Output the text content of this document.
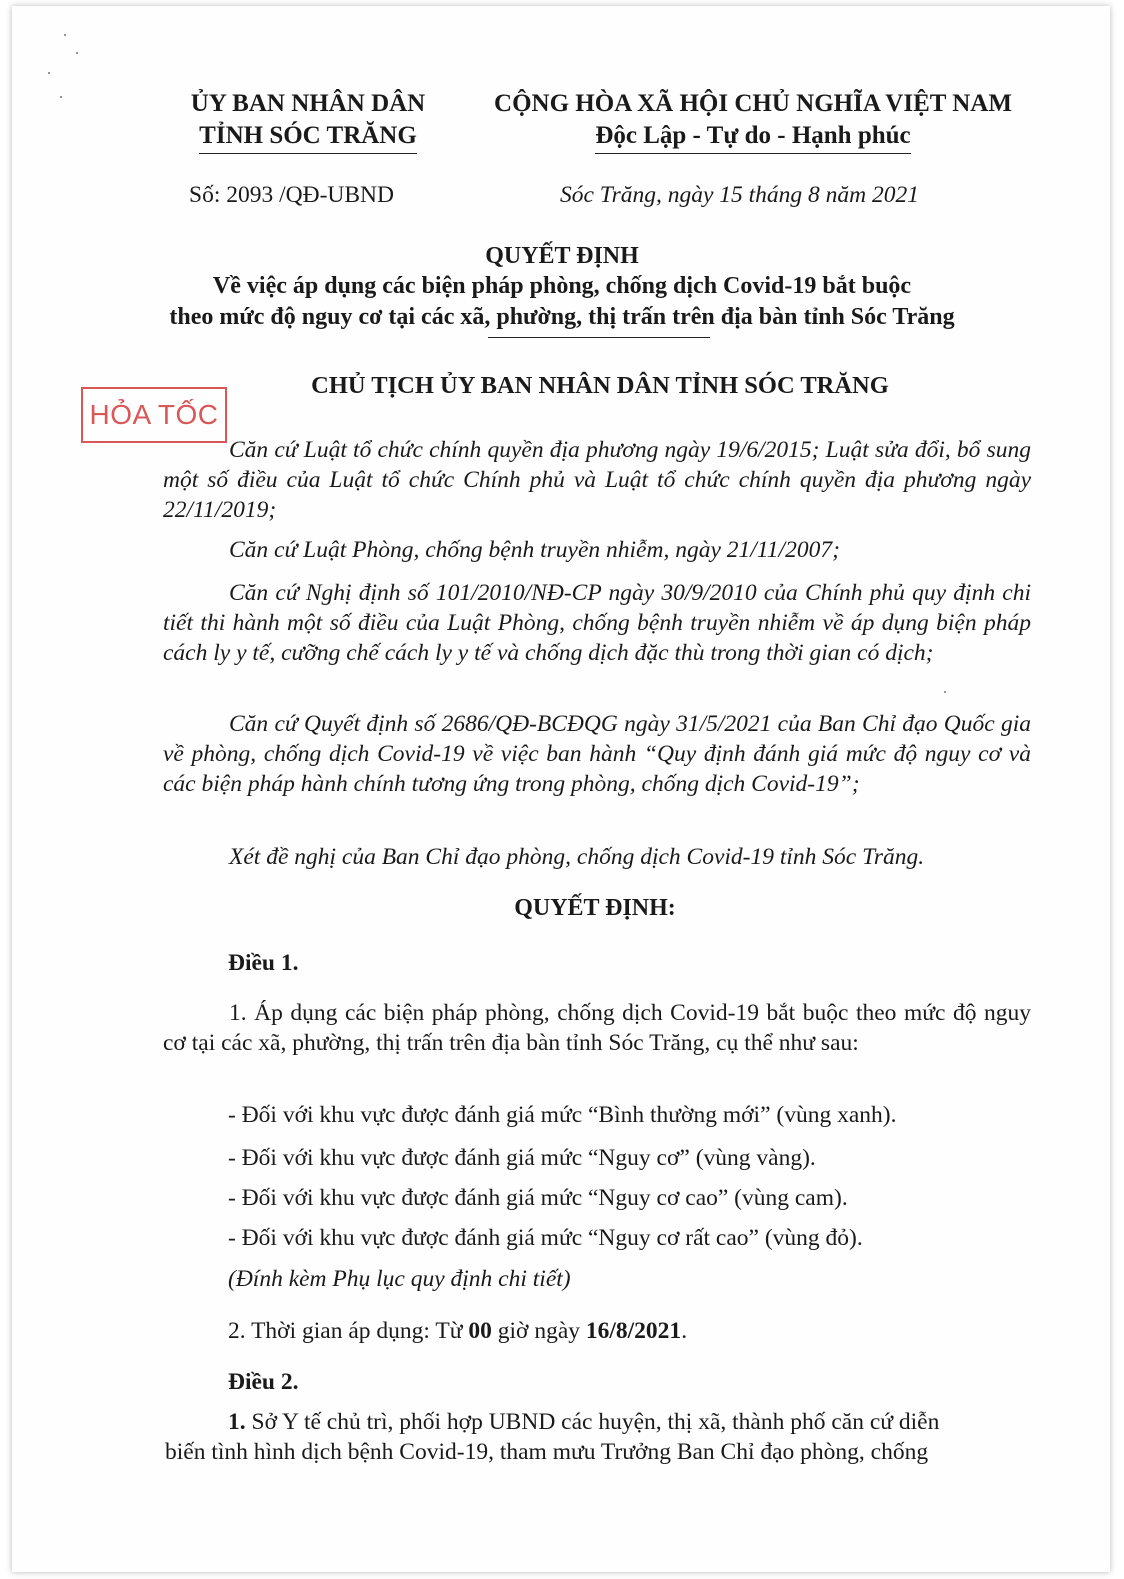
ỦY BAN NHÂN DÂN
TỈNH SÓC TRĂNG
CỘNG HÒA XÃ HỘI CHỦ NGHĨA VIỆT NAM
Độc Lập - Tự do - Hạnh phúc
Số: 2093 /QĐ-UBND	Sóc Trăng, ngày 15 tháng 8 năm 2021
QUYẾT ĐỊNH
Về việc áp dụng các biện pháp phòng, chống dịch Covid-19 bắt buộc
theo mức độ nguy cơ tại các xã, phường, thị trấn trên địa bàn tỉnh Sóc Trăng
HỎA TỐC
CHỦ TỊCH ỦY BAN NHÂN DÂN TỈNH SÓC TRĂNG
Căn cứ Luật tổ chức chính quyền địa phương ngày 19/6/2015; Luật sửa đổi, bổ sung một số điều của Luật tổ chức Chính phủ và Luật tổ chức chính quyền địa phương ngày 22/11/2019;
Căn cứ Luật Phòng, chống bệnh truyền nhiễm, ngày 21/11/2007;
Căn cứ Nghị định số 101/2010/NĐ-CP ngày 30/9/2010 của Chính phủ quy định chi tiết thi hành một số điều của Luật Phòng, chống bệnh truyền nhiễm về áp dụng biện pháp cách ly y tế, cưỡng chế cách ly y tế và chống dịch đặc thù trong thời gian có dịch;
Căn cứ Quyết định số 2686/QĐ-BCĐQG ngày 31/5/2021 của Ban Chỉ đạo Quốc gia về phòng, chống dịch Covid-19 về việc ban hành “Quy định đánh giá mức độ nguy cơ và các biện pháp hành chính tương ứng trong phòng, chống dịch Covid-19”;
Xét đề nghị của Ban Chỉ đạo phòng, chống dịch Covid-19 tỉnh Sóc Trăng.
QUYẾT ĐỊNH:
Điều 1.
1. Áp dụng các biện pháp phòng, chống dịch Covid-19 bắt buộc theo mức độ nguy cơ tại các xã, phường, thị trấn trên địa bàn tỉnh Sóc Trăng, cụ thể như sau:
- Đối với khu vực được đánh giá mức “Bình thường mới” (vùng xanh).
- Đối với khu vực được đánh giá mức “Nguy cơ” (vùng vàng).
- Đối với khu vực được đánh giá mức “Nguy cơ cao” (vùng cam).
- Đối với khu vực được đánh giá mức “Nguy cơ rất cao” (vùng đỏ).
(Đính kèm Phụ lục quy định chi tiết)
2. Thời gian áp dụng: Từ 00 giờ ngày 16/8/2021.
Điều 2.
1. Sở Y tế chủ trì, phối hợp UBND các huyện, thị xã, thành phố căn cứ diễn
biến tình hình dịch bệnh Covid-19, tham mưu Trưởng Ban Chỉ đạo phòng, chống
